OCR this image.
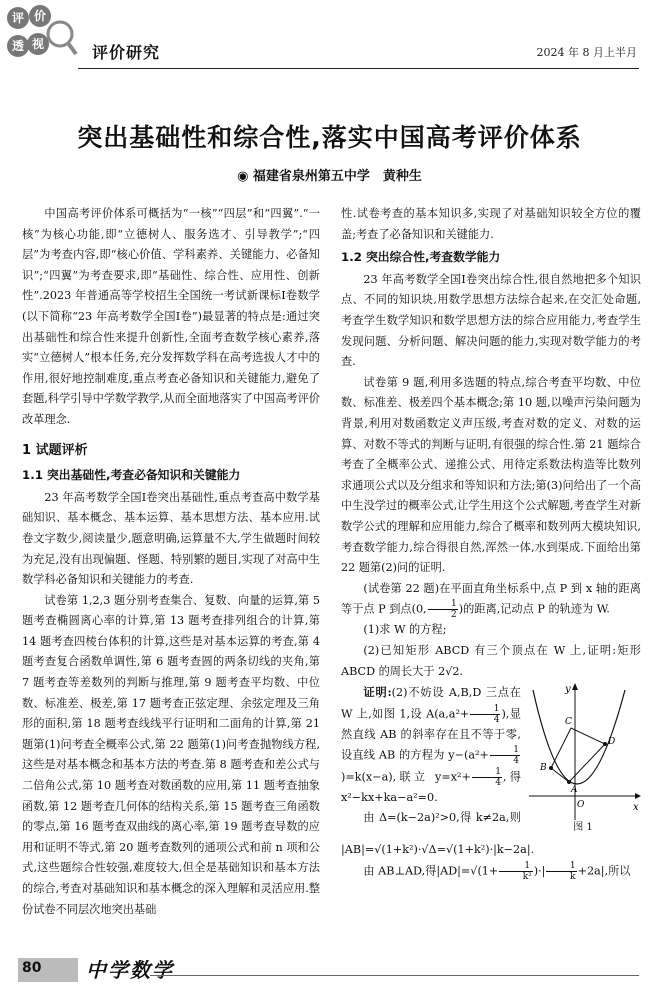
评 价
透 视	评价研究	2024 年 8 月上半月
突出基础性和综合性,落实中国高考评价体系
◉ 福建省泉州第五中学　黄种生

中国高考评价体系可概括为“一核”“四层”和“四翼”.“一核”为核心功能,即“立德树人、服务选才、引导教学”;“四层”为考查内容,即“核心价值、学科素养、关键能力、必备知识”;“四翼”为考查要求,即“基础性、综合性、应用性、创新性”.2023 年普通高等学校招生全国统一考试新课标Ⅰ卷数学(以下简称“23 年高考数学全国Ⅰ卷”)最显著的特点是:通过突出基础性和综合性来提升创新性,全面考查数学核心素养,落实“立德树人”根本任务,充分发挥数学科在高考选拔人才中的作用,很好地控制难度,重点考查必备知识和关键能力,避免了套题,科学引导中学数学教学,从而全面地落实了中国高考评价改革理念.

1 试题评析
1.1 突出基础性,考查必备知识和关键能力

23 年高考数学全国Ⅰ卷突出基础性,重点考查高中数学基础知识、基本概念、基本运算、基本思想方法、基本应用.试卷文字数少,阅读量少,题意明确,运算量不大,学生做题时间较为充足,没有出现偏题、怪题、特别繁的题目,实现了对高中生数学科必备知识和关键能力的考查.

试卷第 1,2,3 题分别考查集合、复数、向量的运算,第 5 题考查椭圆离心率的计算,第 13 题考查排列组合的计算,第 14 题考查四棱台体积的计算,这些是对基本运算的考查,第 4 题考查复合函数单调性,第 6 题考查圆的两条切线的夹角,第 7 题考查等差数列的判断与推理,第 9 题考查平均数、中位数、标准差、极差,第 17 题考查正弦定理、余弦定理及三角形的面积,第 18 题考查线线平行证明和二面角的计算,第 21 题第(1)问考查全概率公式,第 22 题第(1)问考查抛物线方程,这些是对基本概念和基本方法的考查.第 8 题考查和差公式与二倍角公式,第 10 题考查对数函数的应用,第 11 题考查抽象函数,第 12 题考查几何体的结构关系,第 15 题考查三角函数的零点,第 16 题考查双曲线的离心率,第 19 题考查导数的应用和证明不等式,第 20 题考查数列的通项公式和前 n 项和公式,这些题综合性较强,难度较大,但全是基础知识和基本方法的综合,考查对基础知识和基本概念的深入理解和灵活应用.整份试卷不同层次地突出基础

性.试卷考查的基本知识多,实现了对基础知识较全方位的覆盖;考查了必备知识和关键能力.

1.2 突出综合性,考查数学能力

23 年高考数学全国Ⅰ卷突出综合性,很自然地把多个知识点、不同的知识块,用数学思想方法综合起来,在交汇处命题,考查学生数学知识和数学思想方法的综合应用能力,考查学生发现问题、分析问题、解决问题的能力,实现对数学能力的考查.

试卷第 9 题,利用多选题的特点,综合考查平均数、中位数、标准差、极差四个基本概念;第 10 题,以噪声污染问题为背景,利用对数函数定义声压级,考查对数的定义、对数的运算、对数不等式的判断与证明,有很强的综合性.第 21 题综合考查了全概率公式、递推公式、用待定系数法构造等比数列求通项公式以及分组求和等知识和方法;第(3)问给出了一个高中生没学过的概率公式,让学生用这个公式解题,考查学生对新数学公式的理解和应用能力,综合了概率和数列两大模块知识,考查数学能力,综合得很自然,浑然一体,水到渠成.下面给出第 22 题第(2)问的证明.

(试卷第 22 题)在平面直角坐标系中,点 P 到 x 轴的距离等于点 P 到点(0, $\frac{1}{2}$ )的距离,记动点 P 的轨迹为 W.

(1)求 W 的方程;

(2)已知矩形 ABCD 有三个顶点在 W 上,证明:矩形 ABCD 的周长大于 2√2.

y
x
O
A
B
C
D
图 1

证明:(2)不妨设 A,B,D 三点在 W 上,如图 1,设 $A(a,a^2+ \frac{1}{4}$ ),显然直线 AB 的斜率存在且不等于零,设直线 AB 的方程为 $y-(a^2+ \frac{1}{4}$
)=k(x−a),联立 $y=x^2+ \frac{1}{4}$ ,得 x²−kx+ka−a²=0.

由 Δ=(k−2a)²>0,得 k≠2a,则 |AB|=√(1+k²)·√Δ=√(1+k²)·|k−2a|.

由 AB⊥AD,得$|AD|=√(1+ \frac{1}{\text{k²}}$ )·| $\frac{1}{k} +2a|$,所以

80 中学数学
